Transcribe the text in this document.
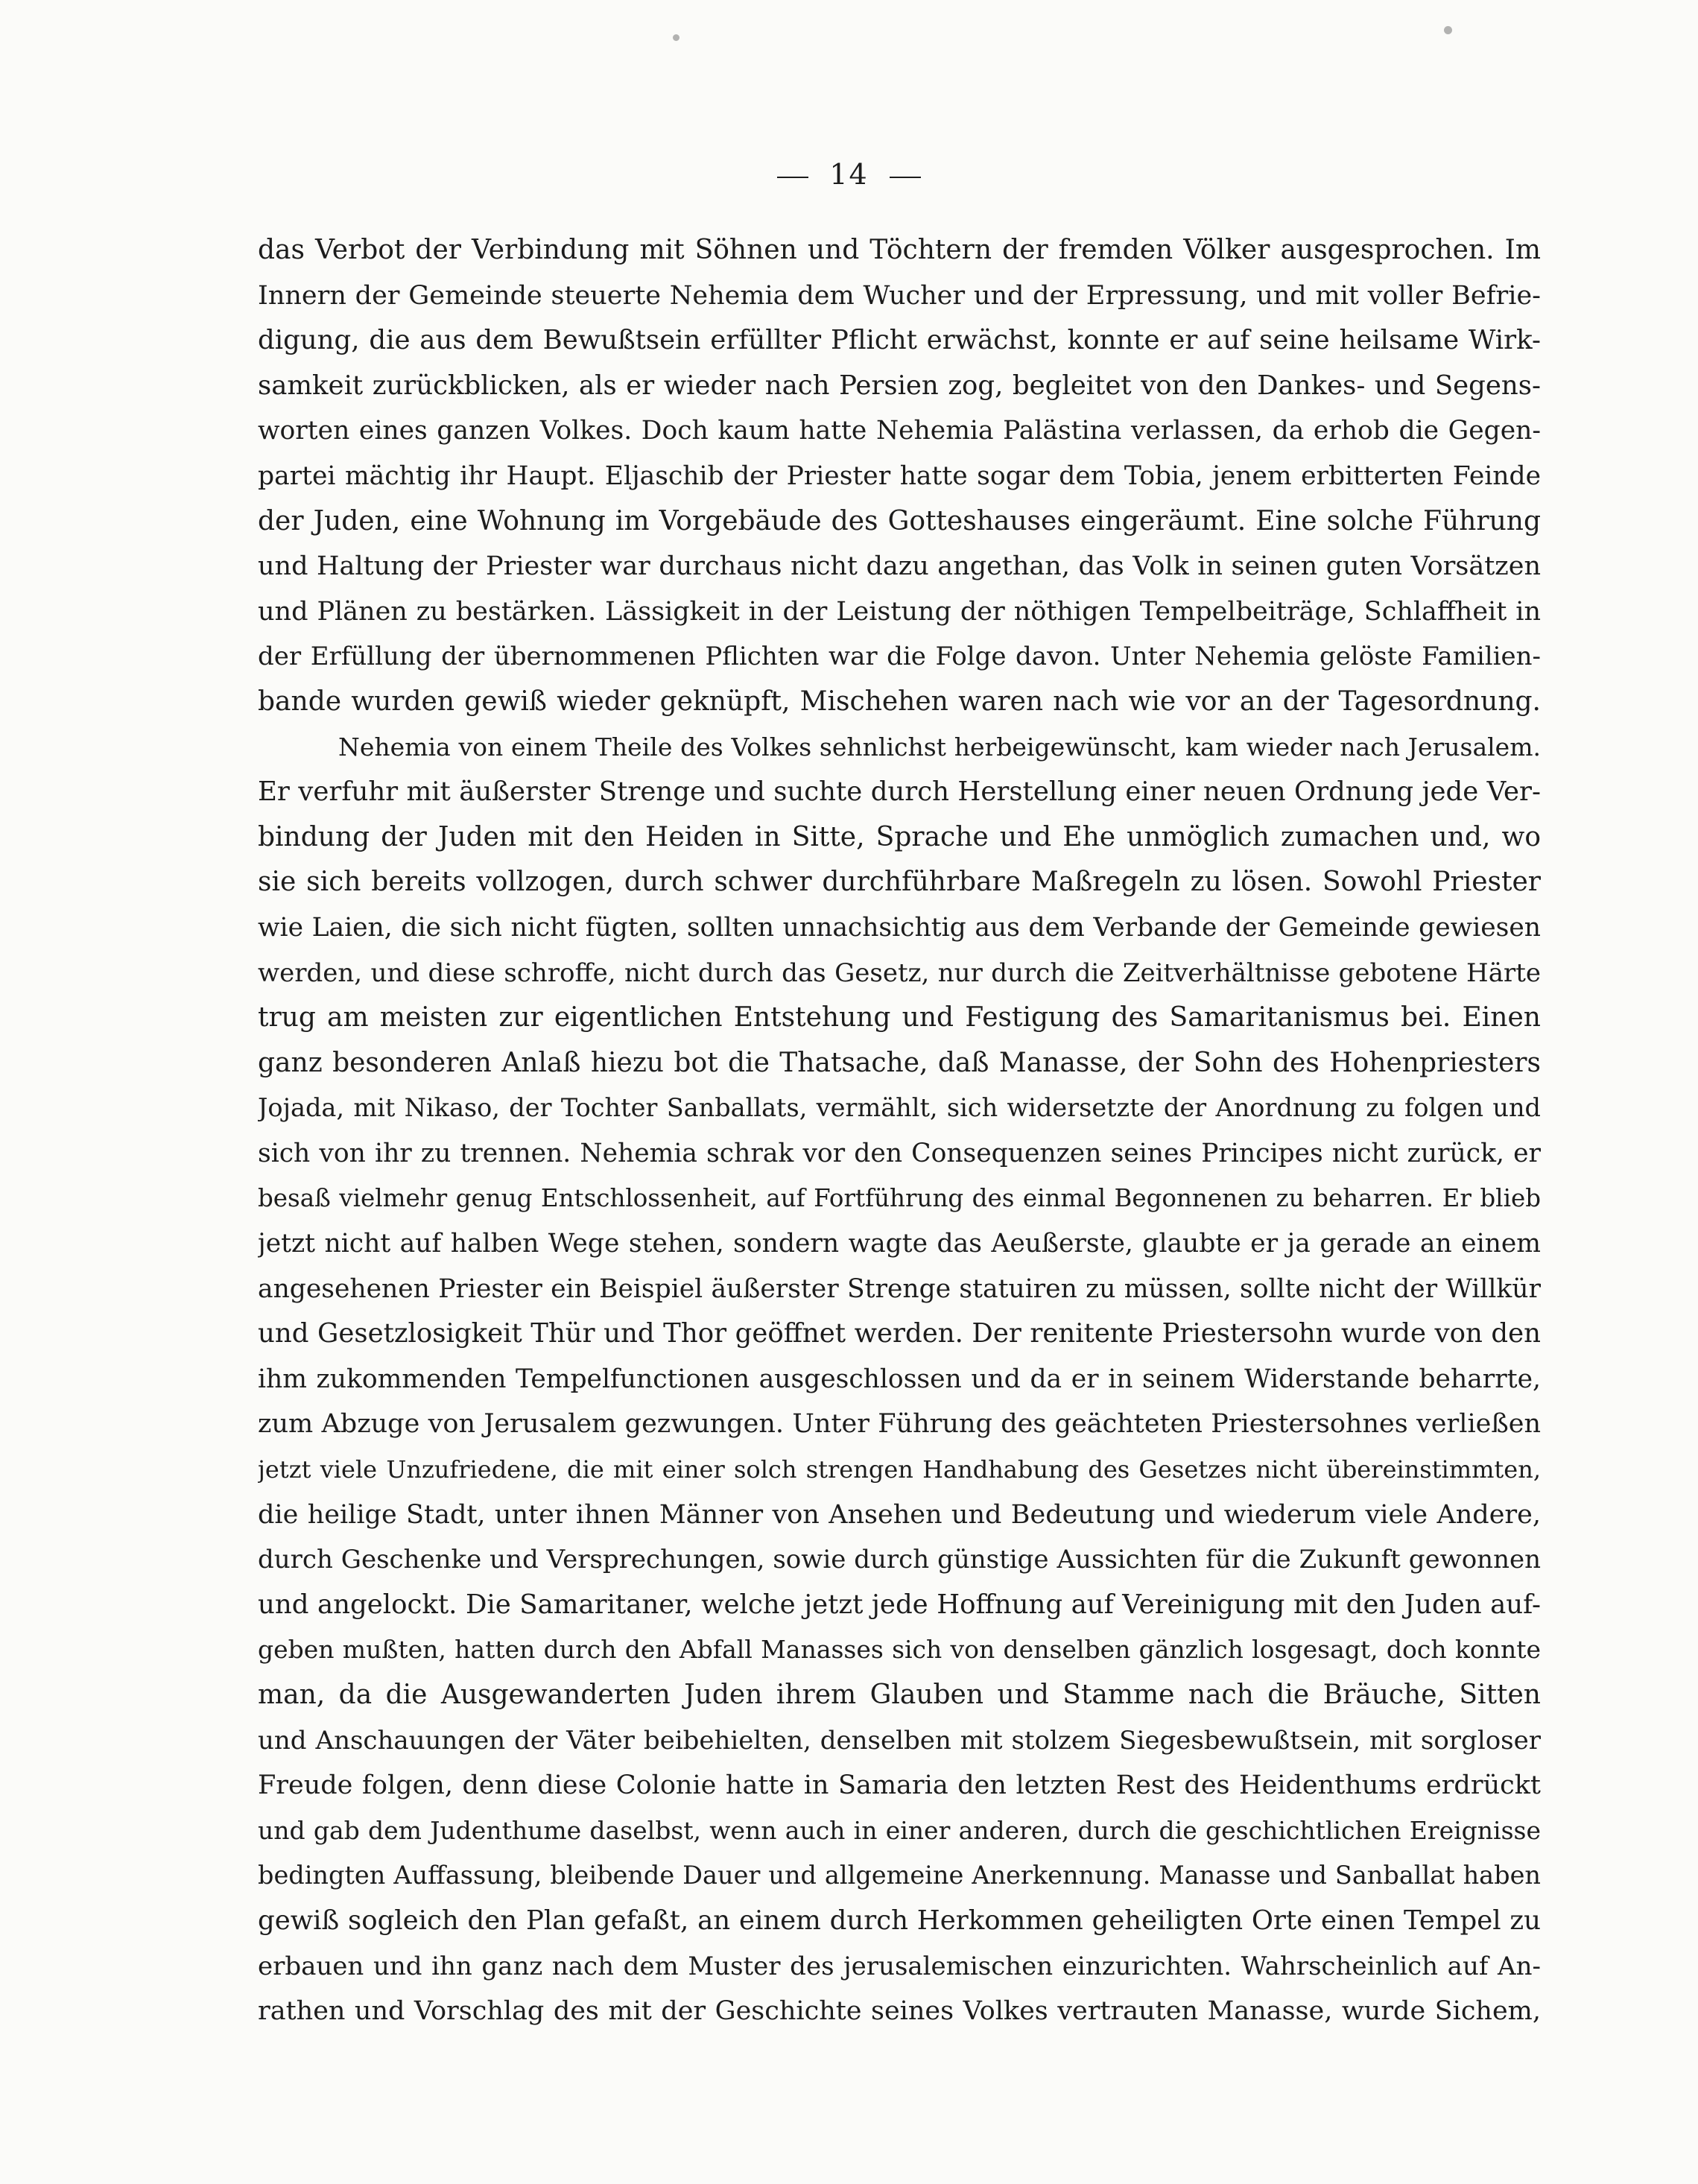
14
das Verbot der Verbindung mit Söhnen und Töchtern der fremden Völker ausgesprochen. Im
Innern der Gemeinde steuerte Nehemia dem Wucher und der Erpressung, und mit voller Befrie-
digung, die aus dem Bewußtsein erfüllter Pflicht erwächst, konnte er auf seine heilsame Wirk-
samkeit zurückblicken, als er wieder nach Persien zog, begleitet von den Dankes- und Segens-
worten eines ganzen Volkes. Doch kaum hatte Nehemia Palästina verlassen, da erhob die Gegen-
partei mächtig ihr Haupt. Eljaschib der Priester hatte sogar dem Tobia, jenem erbitterten Feinde
der Juden, eine Wohnung im Vorgebäude des Gotteshauses eingeräumt. Eine solche Führung
und Haltung der Priester war durchaus nicht dazu angethan, das Volk in seinen guten Vorsätzen
und Plänen zu bestärken. Lässigkeit in der Leistung der nöthigen Tempelbeiträge, Schlaffheit in
der Erfüllung der übernommenen Pflichten war die Folge davon. Unter Nehemia gelöste Familien-
bande wurden gewiß wieder geknüpft, Mischehen waren nach wie vor an der Tagesordnung.
Nehemia von einem Theile des Volkes sehnlichst herbeigewünscht, kam wieder nach Jerusalem.
Er verfuhr mit äußerster Strenge und suchte durch Herstellung einer neuen Ordnung jede Ver-
bindung der Juden mit den Heiden in Sitte, Sprache und Ehe unmöglich zumachen und, wo
sie sich bereits vollzogen, durch schwer durchführbare Maßregeln zu lösen. Sowohl Priester
wie Laien, die sich nicht fügten, sollten unnachsichtig aus dem Verbande der Gemeinde gewiesen
werden, und diese schroffe, nicht durch das Gesetz, nur durch die Zeitverhältnisse gebotene Härte
trug am meisten zur eigentlichen Entstehung und Festigung des Samaritanismus bei. Einen
ganz besonderen Anlaß hiezu bot die Thatsache, daß Manasse, der Sohn des Hohenpriesters
Jojada, mit Nikaso, der Tochter Sanballats, vermählt, sich widersetzte der Anordnung zu folgen und
sich von ihr zu trennen. Nehemia schrak vor den Consequenzen seines Principes nicht zurück, er
besaß vielmehr genug Entschlossenheit, auf Fortführung des einmal Begonnenen zu beharren. Er blieb
jetzt nicht auf halben Wege stehen, sondern wagte das Aeußerste, glaubte er ja gerade an einem
angesehenen Priester ein Beispiel äußerster Strenge statuiren zu müssen, sollte nicht der Willkür
und Gesetzlosigkeit Thür und Thor geöffnet werden. Der renitente Priestersohn wurde von den
ihm zukommenden Tempelfunctionen ausgeschlossen und da er in seinem Widerstande beharrte,
zum Abzuge von Jerusalem gezwungen. Unter Führung des geächteten Priestersohnes verließen
jetzt viele Unzufriedene, die mit einer solch strengen Handhabung des Gesetzes nicht übereinstimmten,
die heilige Stadt, unter ihnen Männer von Ansehen und Bedeutung und wiederum viele Andere,
durch Geschenke und Versprechungen, sowie durch günstige Aussichten für die Zukunft gewonnen
und angelockt. Die Samaritaner, welche jetzt jede Hoffnung auf Vereinigung mit den Juden auf-
geben mußten, hatten durch den Abfall Manasses sich von denselben gänzlich losgesagt, doch konnte
man, da die Ausgewanderten Juden ihrem Glauben und Stamme nach die Bräuche, Sitten
und Anschauungen der Väter beibehielten, denselben mit stolzem Siegesbewußtsein, mit sorgloser
Freude folgen, denn diese Colonie hatte in Samaria den letzten Rest des Heidenthums erdrückt
und gab dem Judenthume daselbst, wenn auch in einer anderen, durch die geschichtlichen Ereignisse
bedingten Auffassung, bleibende Dauer und allgemeine Anerkennung. Manasse und Sanballat haben
gewiß sogleich den Plan gefaßt, an einem durch Herkommen geheiligten Orte einen Tempel zu
erbauen und ihn ganz nach dem Muster des jerusalemischen einzurichten. Wahrscheinlich auf An-
rathen und Vorschlag des mit der Geschichte seines Volkes vertrauten Manasse, wurde Sichem,
